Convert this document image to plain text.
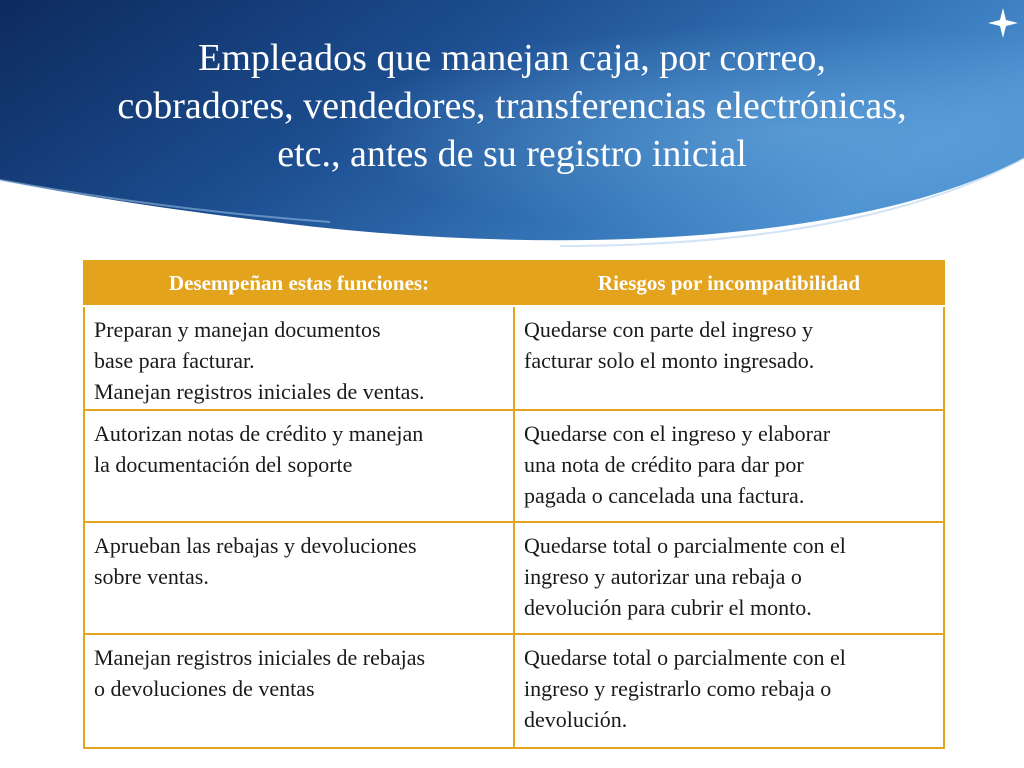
Empleados que manejan caja, por correo,
cobradores, vendedores, transferencias electrónicas,
etc., antes de su registro inicial
Desempeñan estas funciones:	Riesgos por incompatibilidad

Preparan y manejan documentos
base para facturar.
Manejan registros iniciales de ventas.	Quedarse con parte del ingreso y
facturar solo el monto ingresado.

Autorizan notas de crédito y manejan
la documentación del soporte	Quedarse con el ingreso y elaborar
una nota de crédito para dar por
pagada o cancelada una factura.

Aprueban las rebajas y devoluciones
sobre ventas.	Quedarse total o parcialmente con el
ingreso y autorizar una rebaja o
devolución para cubrir el monto.

Manejan registros iniciales de rebajas
o devoluciones de ventas	Quedarse total o parcialmente con el
ingreso y registrarlo como rebaja o
devolución.
